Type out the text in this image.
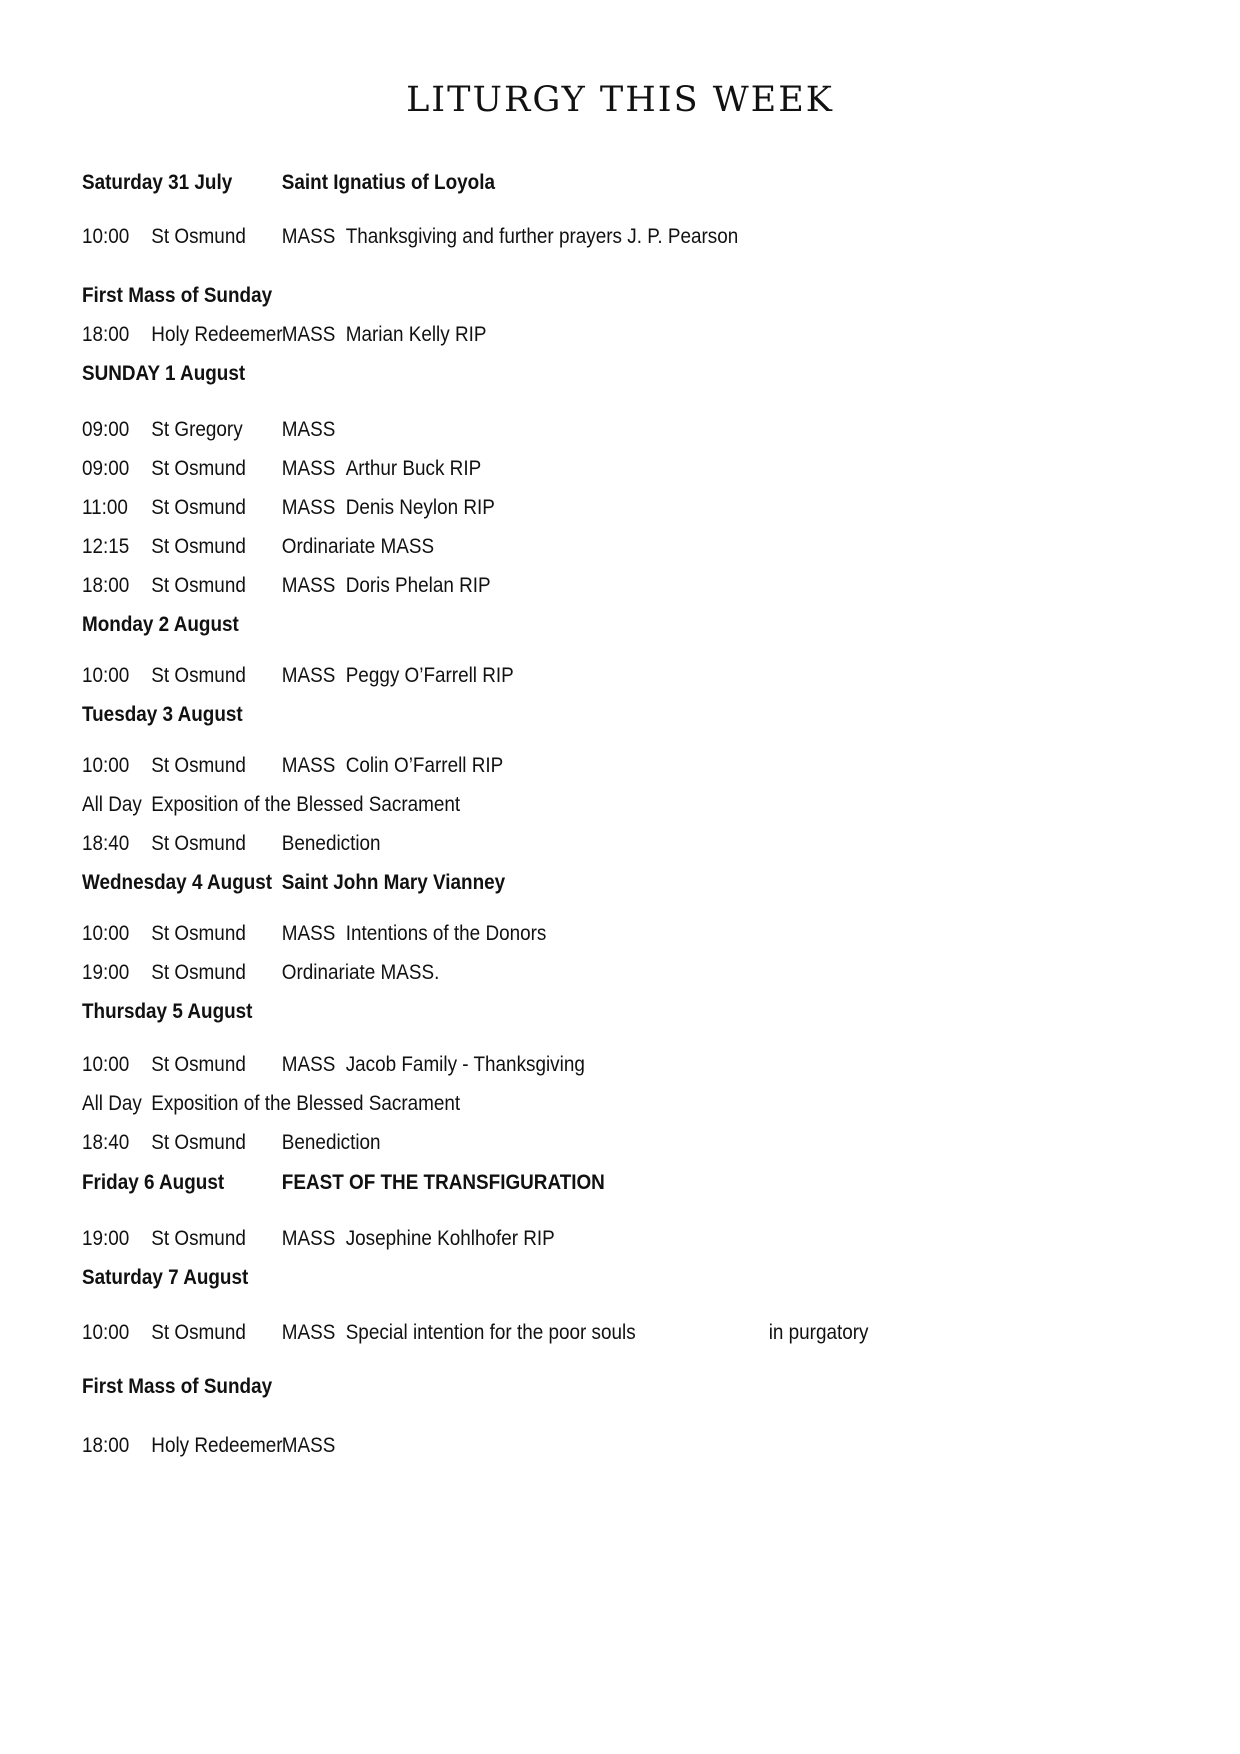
LITURGY THIS WEEK
Saturday 31 July Saint Ignatius of Loyola
10:00 St Osmund MASS Thanksgiving and further prayers J. P. Pearson
First Mass of Sunday
18:00 Holy Redeemer MASS Marian Kelly RIP
SUNDAY 1 August
09:00 St Gregory MASS
09:00 St Osmund MASS Arthur Buck RIP
11:00 St Osmund MASS Denis Neylon RIP
12:15 St Osmund Ordinariate MASS
18:00 St Osmund MASS Doris Phelan RIP
Monday 2 August
10:00 St Osmund MASS Peggy O’Farrell RIP
Tuesday 3 August
10:00 St Osmund MASS Colin O’Farrell RIP
All Day Exposition of the Blessed Sacrament
18:40 St Osmund Benediction
Wednesday 4 August Saint John Mary Vianney
10:00 St Osmund MASS Intentions of the Donors
19:00 St Osmund Ordinariate MASS.
Thursday 5 August
10:00 St Osmund MASS Jacob Family - Thanksgiving
All Day Exposition of the Blessed Sacrament
18:40 St Osmund Benediction
Friday 6 August	FEAST OF THE TRANSFIGURATION
19:00 St Osmund MASS Josephine Kohlhofer RIP
Saturday 7 August
10:00 St Osmund MASS Special intention for the poor souls	in purgatory
First Mass of Sunday
18:00 Holy Redeemer MASS
